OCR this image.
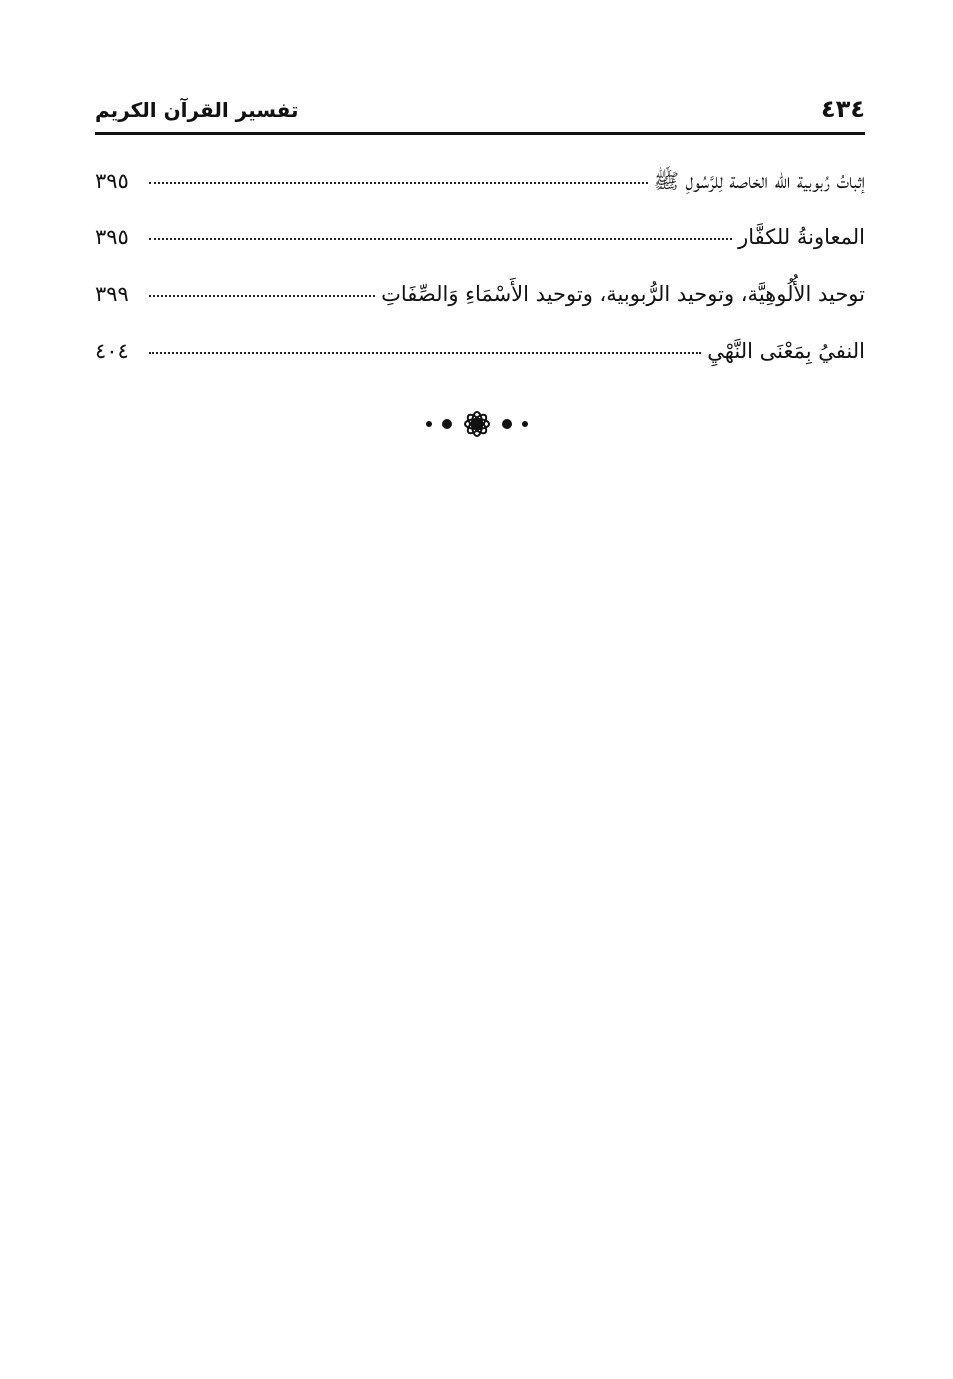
٤٣٤
تفسير القرآن الكريم
إثباتُ رُبوبية الله الخاصة لِلرَّسُولِ ﷺ
٣٩٥
المعاونةُ للكفَّار
٣٩٥
توحيد الأُلُوهِيَّة، وتوحيد الرُّبوبية، وتوحيد الأَسْمَاءِ وَالصِّفَاتِ
٣٩٩
النفيُ بِمَعْنَى النَّهْيِ
٤٠٤
